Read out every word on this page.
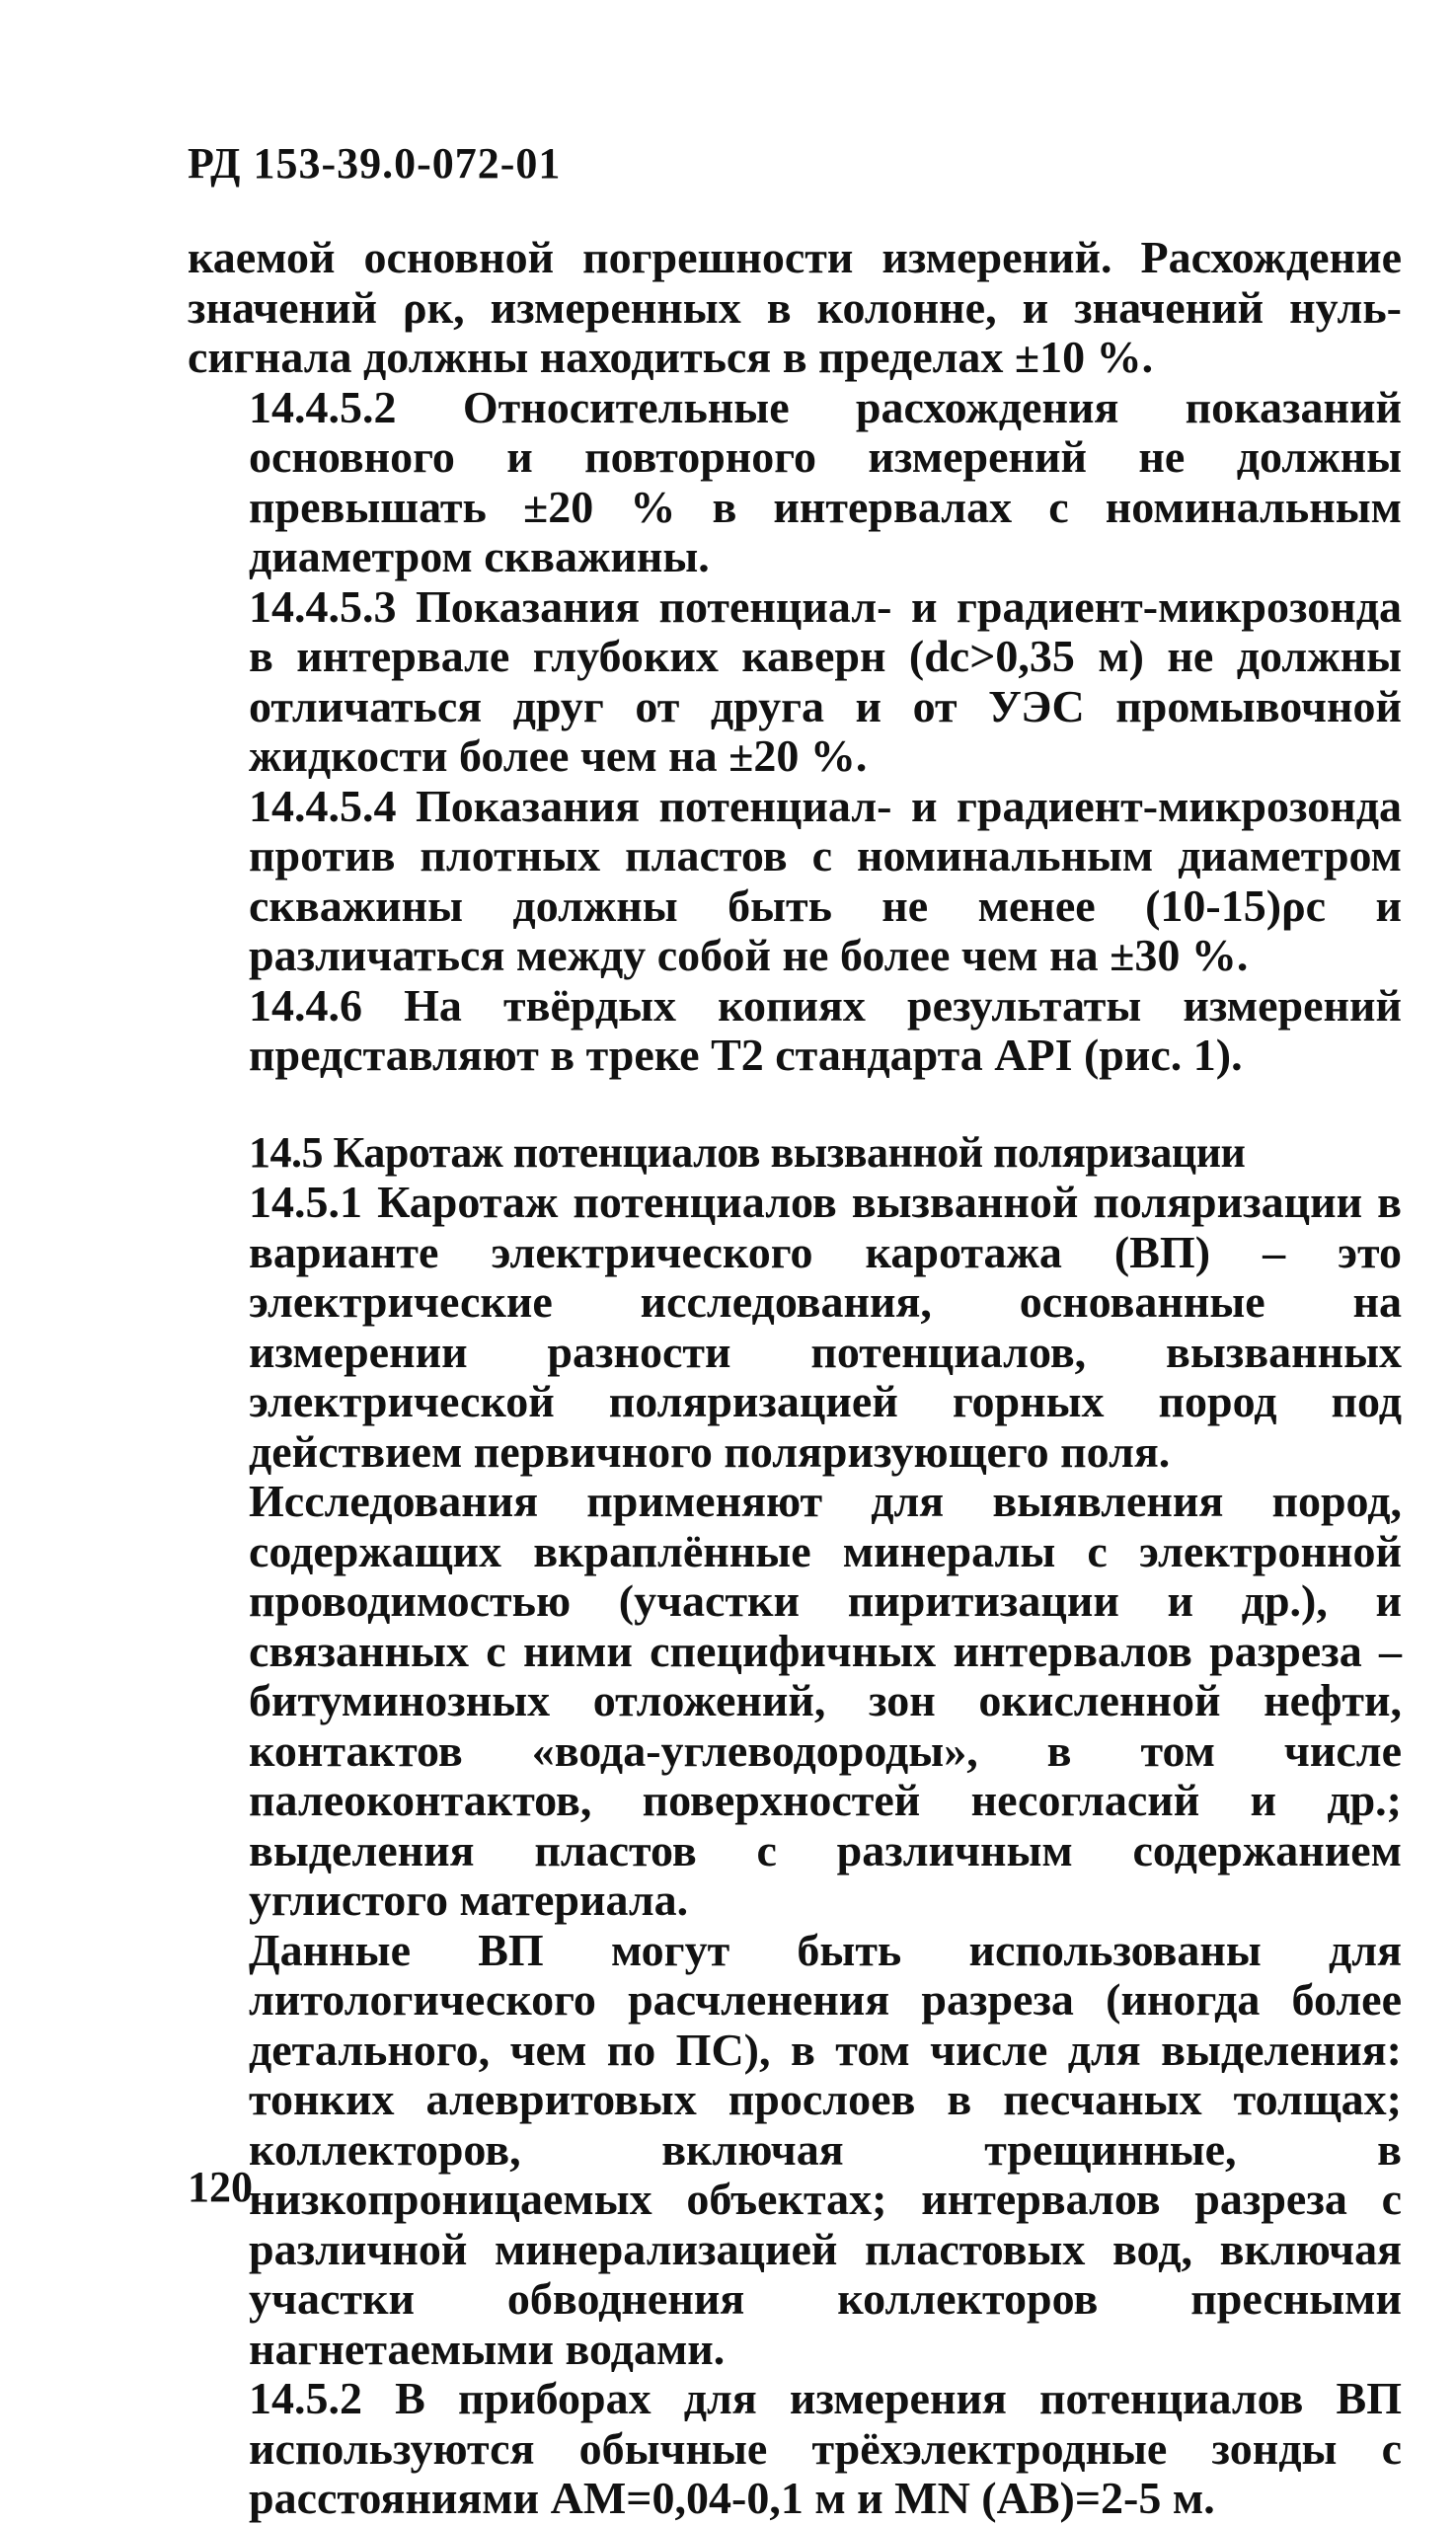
РД 153-39.0-072-01

каемой основной погрешности измерений. Расхождение значений ρк, измеренных в колонне, и значений нуль-сигнала должны находиться в пределах ±10 %.

14.4.5.2 Относительные расхождения показаний основного и повторного измерений не должны превышать ±20 % в интервалах с номинальным диаметром скважины.

14.4.5.3 Показания потенциал- и градиент-микрозонда в интервале глубоких каверн (dc>0,35 м) не должны отличаться друг от друга и от УЭС промывочной жидкости более чем на ±20 %.

14.4.5.4 Показания потенциал- и градиент-микрозонда против плотных пластов с номинальным диаметром скважины должны быть не менее (10-15)ρc и различаться между собой не более чем на ±30 %.

14.4.6 На твёрдых копиях результаты измерений представляют в треке Т2 стандарта API (рис. 1).

14.5 Каротаж потенциалов вызванной поляризации

14.5.1 Каротаж потенциалов вызванной поляризации в варианте электрического каротажа (ВП) – это электрические исследования, основанные на измерении разности потенциалов, вызванных электрической поляризацией горных пород под действием первичного поляризующего поля.

Исследования применяют для выявления пород, содержащих вкраплённые минералы с электронной проводимостью (участки пиритизации и др.), и связанных с ними специфичных интервалов разреза – битуминозных отложений, зон окисленной нефти, контактов «вода-углеводороды», в том числе палеоконтактов, поверхностей несогласий и др.; выделения пластов с различным содержанием углистого материала.

Данные ВП могут быть использованы для литологического расчленения разреза (иногда более детального, чем по ПС), в том числе для выделения: тонких алевритовых прослоев в песчаных толщах; коллекторов, включая трещинные, в низкопроницаемых объектах; интервалов разреза с различной минерализацией пластовых вод, включая участки обводнения коллекторов пресными нагнетаемыми водами.

14.5.2 В приборах для измерения потенциалов ВП используются обычные трёхэлектродные зонды с расстояниями АМ=0,04-0,1 м и MN (АВ)=2-5 м.

120
